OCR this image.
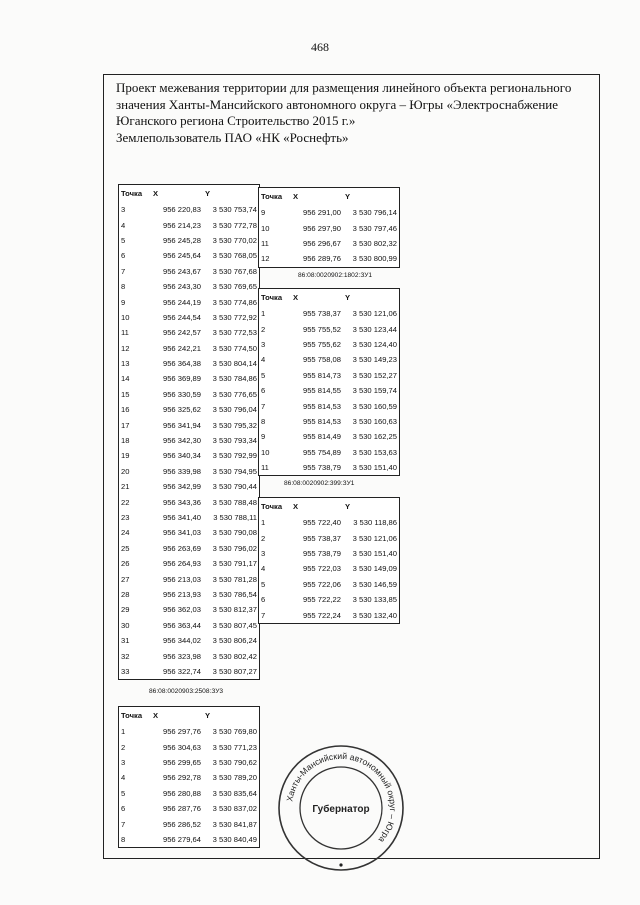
468
Проект межевания территории для размещения линейного объекта регионального
значения Ханты-Мансийского автономного округа – Югры «Электроснабжение
Юганского региона Строительство 2015 г.»
Землепользователь ПАО «НК «Роснефть»
86:08:0020902:1802:ЗУ1
86:08:0020902:399:ЗУ1
86:08:0020903:2508:ЗУ3
Точка	X	Y
3	956 220,83	3 530 753,74
4	956 214,23	3 530 772,78
5	956 245,28	3 530 770,02
6	956 245,64	3 530 768,05
7	956 243,67	3 530 767,68
8	956 243,30	3 530 769,65
9	956 244,19	3 530 774,86
10	956 244,54	3 530 772,92
11	956 242,57	3 530 772,53
12	956 242,21	3 530 774,50
13	956 364,38	3 530 804,14
14	956 369,89	3 530 784,86
15	956 330,59	3 530 776,65
16	956 325,62	3 530 796,04
17	956 341,94	3 530 795,32
18	956 342,30	3 530 793,34
19	956 340,34	3 530 792,99
20	956 339,98	3 530 794,95
21	956 342,99	3 530 790,44
22	956 343,36	3 530 788,48
23	956 341,40	3 530 788,11
24	956 341,03	3 530 790,08
25	956 263,69	3 530 796,02
26	956 264,93	3 530 791,17
27	956 213,03	3 530 781,28
28	956 213,93	3 530 786,54
29	956 362,03	3 530 812,37
30	956 363,44	3 530 807,45
31	956 344,02	3 530 806,24
32	956 323,98	3 530 802,42
33	956 322,74	3 530 807,27
Точка	X	Y
9	956 291,00	3 530 796,14
10	956 297,90	3 530 797,46
11	956 296,67	3 530 802,32
12	956 289,76	3 530 800,99
Точка	X	Y
1	955 738,37	3 530 121,06
2	955 755,52	3 530 123,44
3	955 755,62	3 530 124,40
4	955 758,08	3 530 149,23
5	955 814,73	3 530 152,27
6	955 814,55	3 530 159,74
7	955 814,53	3 530 160,59
8	955 814,53	3 530 160,63
9	955 814,49	3 530 162,25
10	955 754,89	3 530 153,63
11	955 738,79	3 530 151,40
Точка	X	Y
1	955 722,40	3 530 118,86
2	955 738,37	3 530 121,06
3	955 738,79	3 530 151,40
4	955 722,03	3 530 149,09
5	955 722,06	3 530 146,59
6	955 722,22	3 530 133,85
7	955 722,24	3 530 132,40
Точка	X	Y
1	956 297,76	3 530 769,80
2	956 304,63	3 530 771,23
3	956 299,65	3 530 790,62
4	956 292,78	3 530 789,20
5	956 280,88	3 530 835,64
6	956 287,76	3 530 837,02
7	956 286,52	3 530 841,87
8	956 279,64	3 530 840,49
Ханты-Мансийский автономный округ – Югра
Губернатор
